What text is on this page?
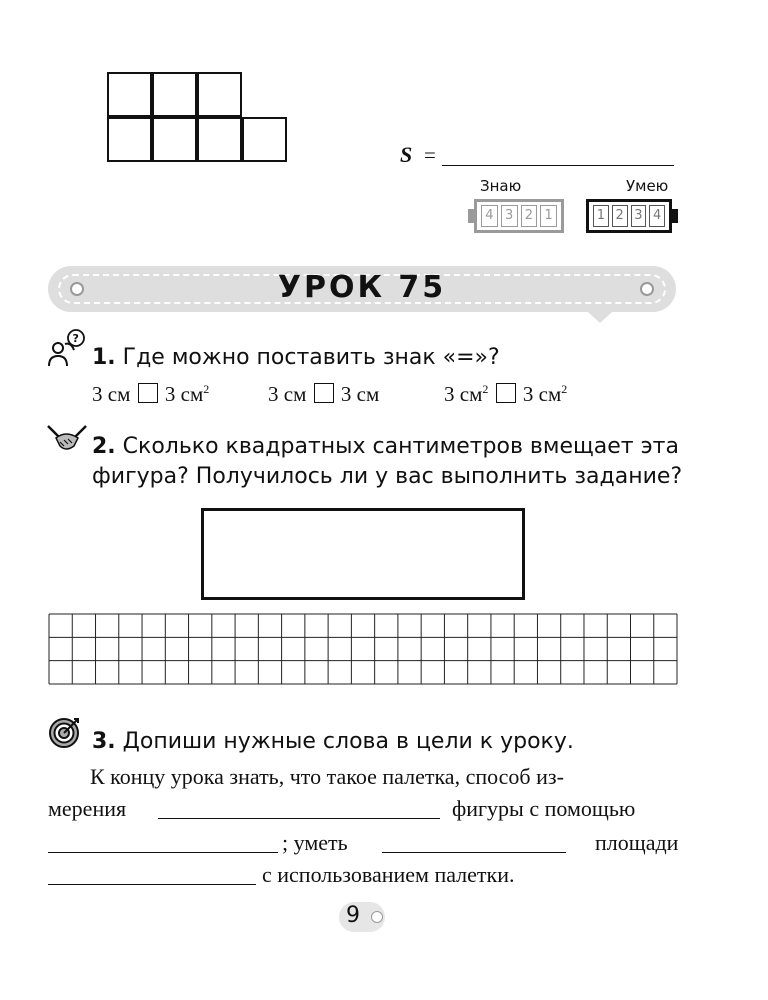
S =
Знаю
4 3 2 1
Умею
1 2 3 4
УРОК 75
?
1. Где можно поставить знак «=»?
3 см 3 $см^2$	3 см 3 см	3 $см^2$ 3 $см^2$
2. Сколько квадратных сантиметров вмещает эта
фигура? Получилось ли у вас выполнить задание?
3. Допиши нужные слова в цели к уроку.
К концу урока знать, что такое палетка, способ из-
мерения	фигуры с помощью
; уметь	площади
с использованием палетки.
9
